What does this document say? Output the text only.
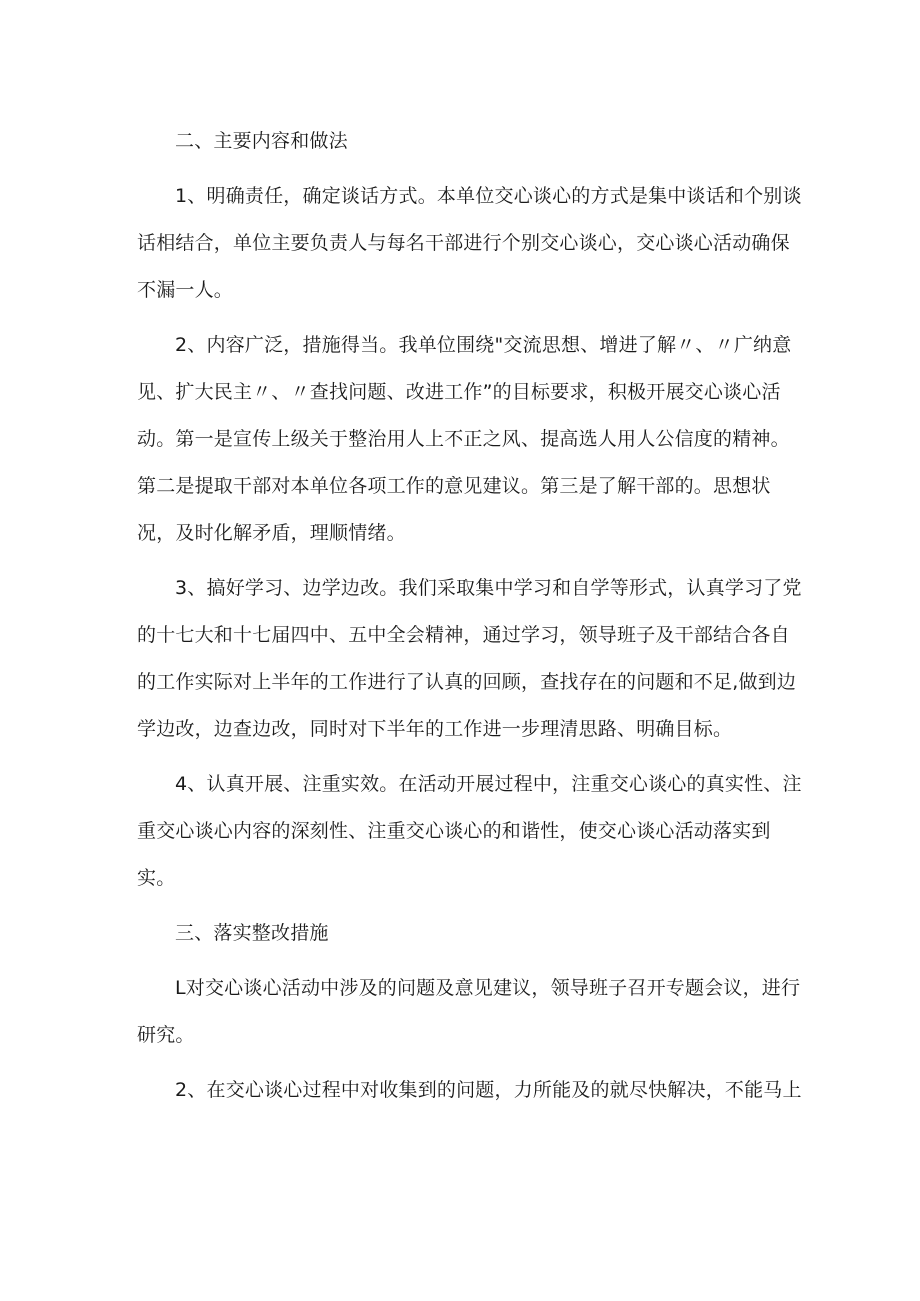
二、主要内容和做法
1、明确责任，确定谈话方式。本单位交心谈心的方式是集中谈话和个别谈
话相结合，单位主要负责人与每名干部进行个别交心谈心，交心谈心活动确保
不漏一人。
2、内容广泛，措施得当。我单位围绕"交流思想、增进了解〃、〃广纳意
见、扩大民主〃、〃查找问题、改进工作”的目标要求，积极开展交心谈心活
动。第一是宣传上级关于整治用人上不正之风、提高选人用人公信度的精神。
第二是提取干部对本单位各项工作的意见建议。第三是了解干部的。思想状
况，及时化解矛盾，理顺情绪。
3、搞好学习、边学边改。我们采取集中学习和自学等形式，认真学习了党
的十七大和十七届四中、五中全会精神，通过学习，领导班子及干部结合各自
的工作实际对上半年的工作进行了认真的回顾，查找存在的问题和不足,做到边
学边改，边查边改，同时对下半年的工作进一步理清思路、明确目标。
4、认真开展、注重实效。在活动开展过程中，注重交心谈心的真实性、注
重交心谈心内容的深刻性、注重交心谈心的和谐性，使交心谈心活动落实到
实。
三、落实整改措施
L对交心谈心活动中涉及的问题及意见建议，领导班子召开专题会议，进行
研究。
2、在交心谈心过程中对收集到的问题，力所能及的就尽快解决，不能马上
